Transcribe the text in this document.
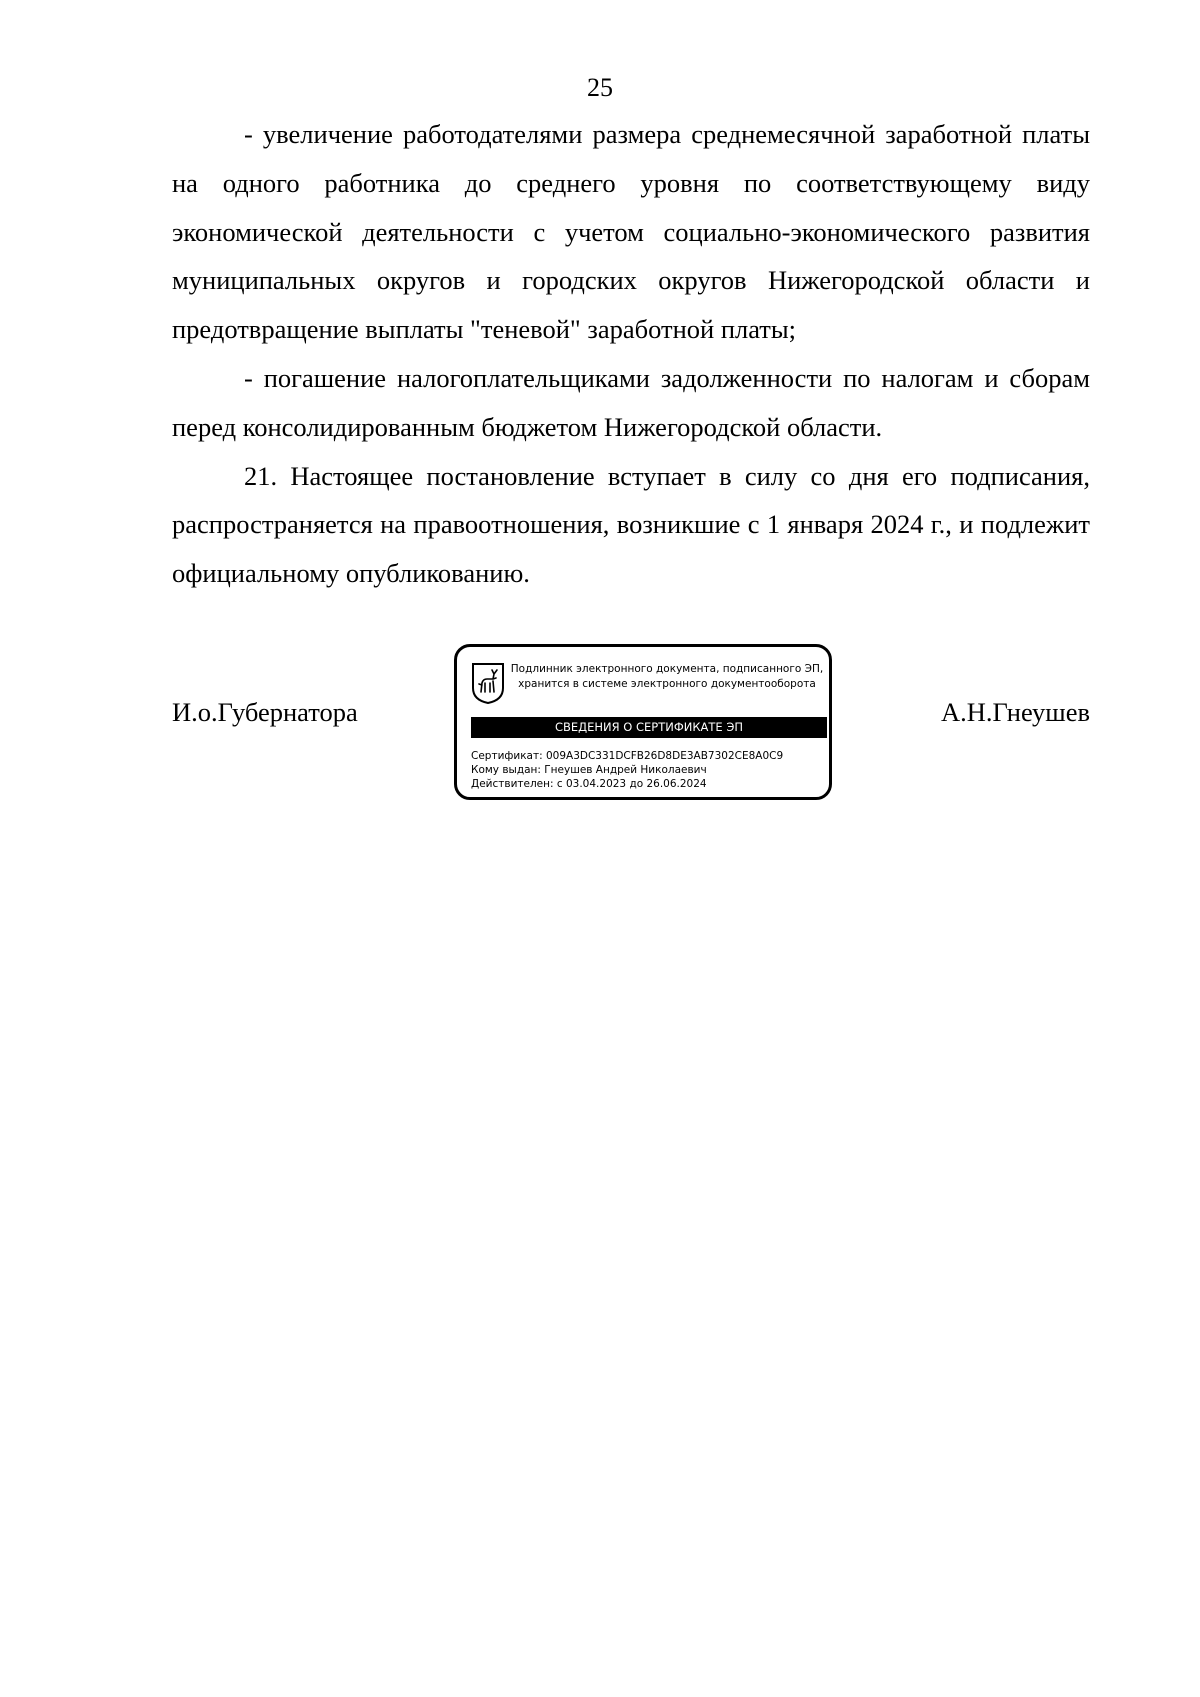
25

- увеличение работодателями размера среднемесячной заработной платы на одного работника до среднего уровня по соответствующему виду экономической деятельности с учетом социально-экономического развития муниципальных округов и городских округов Нижегородской области и предотвращение выплаты "теневой" заработной платы;

- погашение налогоплательщиками задолженности по налогам и сборам перед консолидированным бюджетом Нижегородской области.

21. Настоящее постановление вступает в силу со дня его подписания, распространяется на правоотношения, возникшие с 1 января 2024 г., и подлежит официальному опубликованию.

И.о.Губернатора
Подлинник электронного документа, подписанного ЭП,
хранится в системе электронного документооборота
СВЕДЕНИЯ О СЕРТИФИКАТЕ ЭП
Сертификат: 009A3DC331DCFB26D8DE3AB7302CE8A0C9
Кому выдан: Гнеушев Андрей Николаевич
Действителен: с 03.04.2023 до 26.06.2024
А.Н.Гнеушев
